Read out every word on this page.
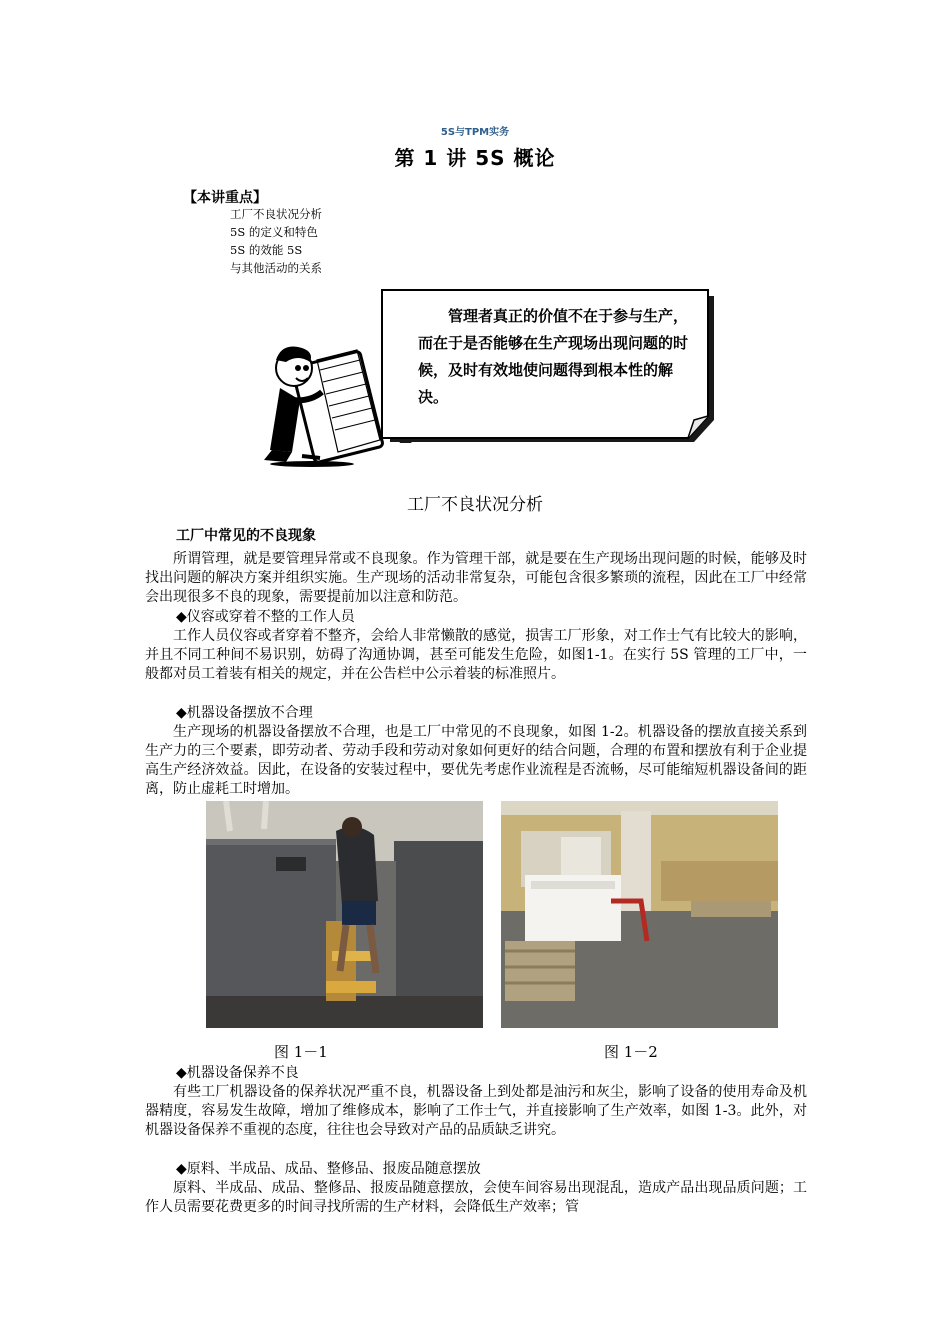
5S与TPM实务
第 1 讲 5S 概论
【本讲重点】
工厂不良状况分析
5S 的定义和特色
5S 的效能 5S
与其他活动的关系
管理者真正的价值不在于参与生产，而在于是否能够在生产现场出现问题的时候，及时有效地使问题得到根本性的解决。
工厂不良状况分析
工厂中常见的不良现象
所谓管理，就是要管理异常或不良现象。作为管理干部，就是要在生产现场出现问题的时候，能够及时找出问题的解决方案并组织实施。生产现场的活动非常复杂，可能包含很多繁琐的流程，因此在工厂中经常会出现很多不良的现象，需要提前加以注意和防范。
◆仪容或穿着不整的工作人员
工作人员仪容或者穿着不整齐，会给人非常懒散的感觉，损害工厂形象，对工作士气有比较大的影响，并且不同工种间不易识别，妨碍了沟通协调，甚至可能发生危险，如图1-1。在实行 5S 管理的工厂中，一般都对员工着装有相关的规定，并在公告栏中公示着装的标准照片。
◆机器设备摆放不合理
生产现场的机器设备摆放不合理，也是工厂中常见的不良现象，如图 1-2。机器设备的摆放直接关系到生产力的三个要素，即劳动者、劳动手段和劳动对象如何更好的结合问题，合理的布置和摆放有利于企业提高生产经济效益。因此，在设备的安装过程中，要优先考虑作业流程是否流畅，尽可能缩短机器设备间的距离，防止虚耗工时增加。
图 1－1	图 1－2
◆机器设备保养不良
有些工厂机器设备的保养状况严重不良，机器设备上到处都是油污和灰尘，影响了设备的使用寿命及机器精度，容易发生故障，增加了维修成本，影响了工作士气，并直接影响了生产效率，如图 1-3。此外，对机器设备保养不重视的态度，往往也会导致对产品的品质缺乏讲究。
◆原料、半成品、成品、整修品、报废品随意摆放
原料、半成品、成品、整修品、报废品随意摆放，会使车间容易出现混乱，造成产品出现品质问题；工作人员需要花费更多的时间寻找所需的生产材料，会降低生产效率；管
